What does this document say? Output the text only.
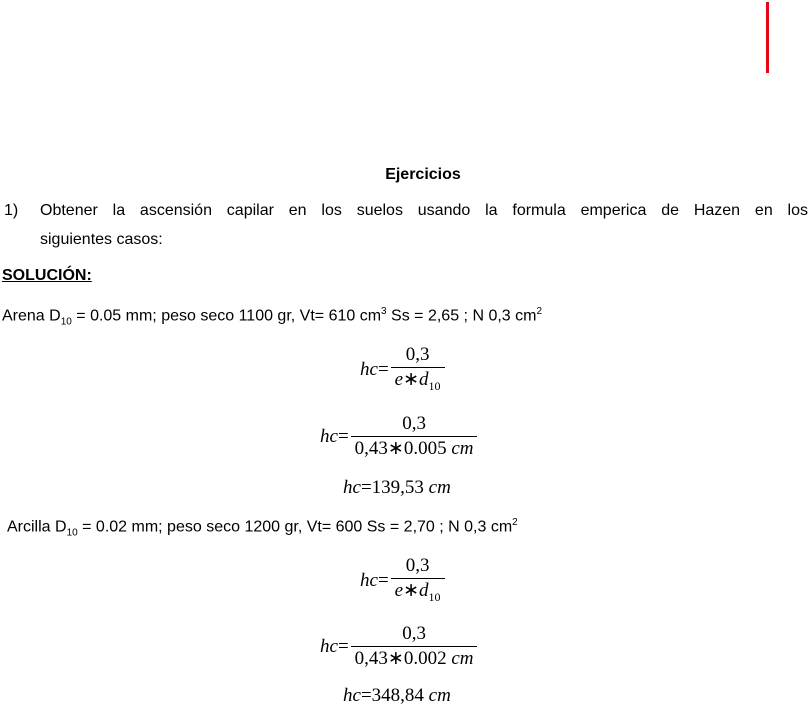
Ejercicios
1) Obtener la ascensión capilar en los suelos usando la formula emperica de Hazen en los
siguientes casos:
SOLUCIÓN:
Arena $D_{10} = 0.05$ mm; peso seco 1100 gr, Vt= 610 $cm^3$ Ss = 2,65 ; N 0,3 $cm^2$
hc = $\frac{0,3}{e∗d_{10}}$
hc = $\frac{0,3}{0,43∗0.005 cm}$
hc = 139,53
cm
Arcilla $D_{10} = 0.02$ mm; peso seco 1200 gr, Vt= 600 Ss = 2,70 ; N 0,3 $cm^2$
hc = $\frac{0,3}{e∗d_{10}}$
hc = $\frac{0,3}{0,43∗0.002 cm}$
hc = 348,84
cm
